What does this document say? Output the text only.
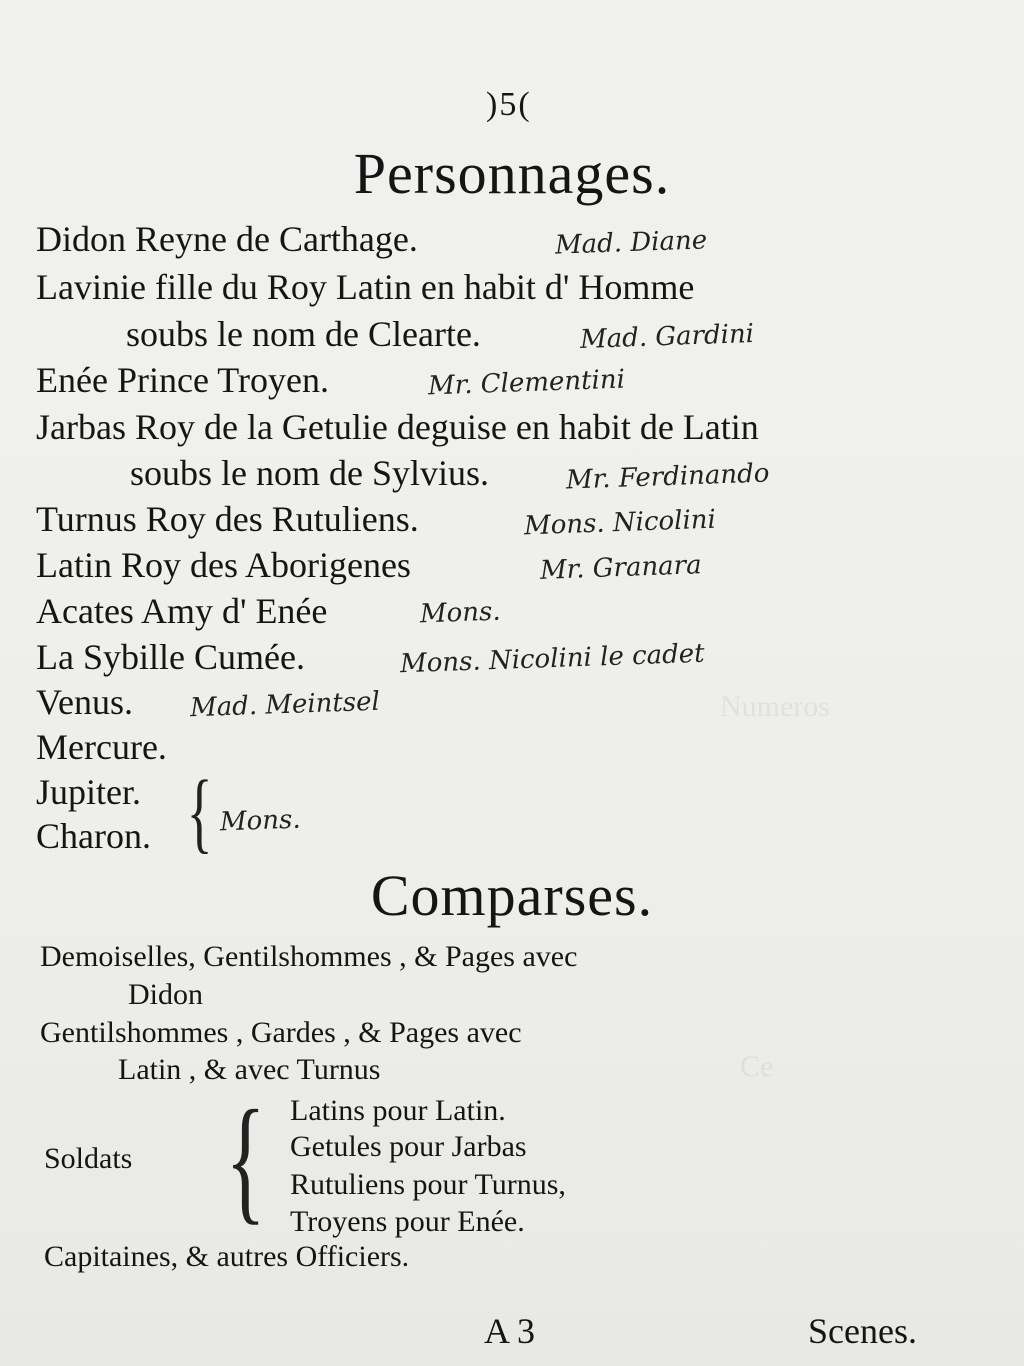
Numeros
Ce
)5(
Personnages.
Didon Reyne de Carthage.	Mad. Diane
Lavinie fille du Roy Latin en habit d' Homme
soubs le nom de Clearte.	Mad. Gardini
Enée Prince Troyen.	Mr. Clementini
Jarbas Roy de la Getulie deguise en habit de Latin
soubs le nom de Sylvius.	Mr. Ferdinando
Turnus Roy des Rutuliens.	Mons. Nicolini
Latin Roy des Aborigenes	Mr. Granara
Acates Amy d' Enée	Mons.
La Sybille Cumée.	Mons. Nicolini le cadet
Venus. Mad. Meintsel
Mercure.
Jupiter.
Charon. { Mons.
Comparses.
Demoiselles, Gentilshommes , & Pages avec
Didon
Gentilshommes , Gardes , & Pages avec
Latin , & avec Turnus
Soldats { Latins pour Latin.
Getules pour Jarbas
Rutuliens pour Turnus,
Troyens pour Enée.
Capitaines, & autres Officiers.
A 3	Scenes.
